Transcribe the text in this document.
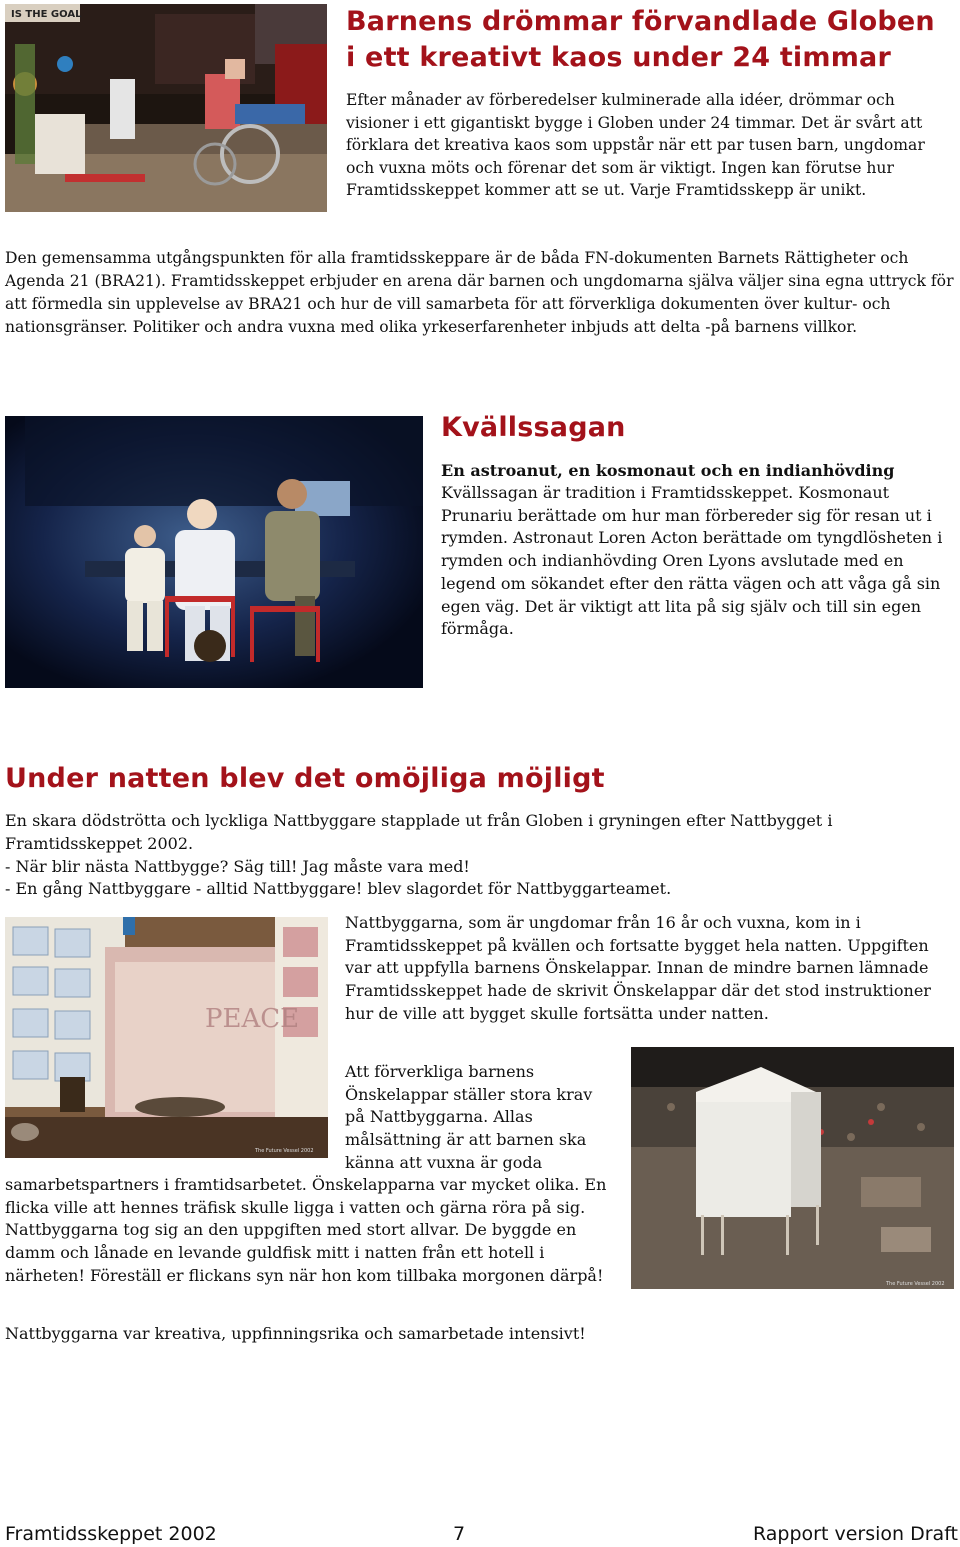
IS THE GOAL	Barnens drömmar förvandlade Globen
i ett kreativt kaos under 24 timmar

Efter månader av förberedelser kulminerade alla idéer, drömmar och visioner i ett gigantiskt bygge i Globen under 24 timmar. Det är svårt att förklara det kreativa kaos som uppstår när ett par tusen barn, ungdomar och vuxna möts och förenar det som är viktigt. Ingen kan förutse hur Framtidsskeppet kommer att se ut. Varje Framtidsskepp är unikt.

Den gemensamma utgångspunkten för alla framtidsskeppare är de båda FN-dokumenten Barnets Rättigheter och Agenda 21 (BRA21). Framtidsskeppet erbjuder en arena där barnen och ungdomarna själva väljer sina egna uttryck för att förmedla sin upplevelse av BRA21 och hur de vill samarbeta för att förverkliga dokumenten över kultur- och nationsgränser. Politiker och andra vuxna med olika yrkeserfarenheter inbjuds att delta -på barnens villkor.

Kvällssagan

En astroanut, en kosmonaut och en indianhövding

Kvällssagan är tradition i Framtidsskeppet. Kosmonaut Prunariu berättade om hur man förbereder sig för resan ut i rymden. Astronaut Loren Acton berättade om tyngdlösheten i rymden och indianhövding Oren Lyons avslutade med en legend om sökandet efter den rätta vägen och att våga gå sin egen väg. Det är viktigt att lita på sig själv och till sin egen förmåga.

Under natten blev det omöjliga möjligt

En skara dödströtta och lyckliga Nattbyggare stapplade ut från Globen i gryningen efter Nattbygget i Framtidsskeppet 2002.

- När blir nästa Nattbygge? Säg till! Jag måste vara med!

- En gång Nattbyggare - alltid Nattbyggare! blev slagordet för Nattbyggarteamet.

PEACE
The Future Vessel 2002

Nattbyggarna, som är ungdomar från 16 år och vuxna, kom in i Framtidsskeppet på kvällen och fortsatte bygget hela natten. Uppgiften var att uppfylla barnens Önskelappar. Innan de mindre barnen lämnade Framtidsskeppet hade de skrivit Önskelappar där det stod instruktioner hur de ville att bygget skulle fortsätta under natten.

The Future Vessel 2002
Att förverkliga barnens
Önskelappar ställer stora krav
på Nattbyggarna. Allas
målsättning är att barnen ska
känna att vuxna är goda

samarbetspartners i framtidsarbetet. Önskelapparna var mycket olika. En flicka ville att hennes träfisk skulle ligga i vatten och gärna röra på sig. Nattbyggarna tog sig an den uppgiften med stort allvar. De byggde en damm och lånade en levande guldfisk mitt i natten från ett hotell i närheten! Föreställ er flickans syn när hon kom tillbaka morgonen därpå!

Nattbyggarna var kreativa, uppfinningsrika och samarbetade intensivt!

Framtidsskeppet 2002	7	Rapport version Draft
